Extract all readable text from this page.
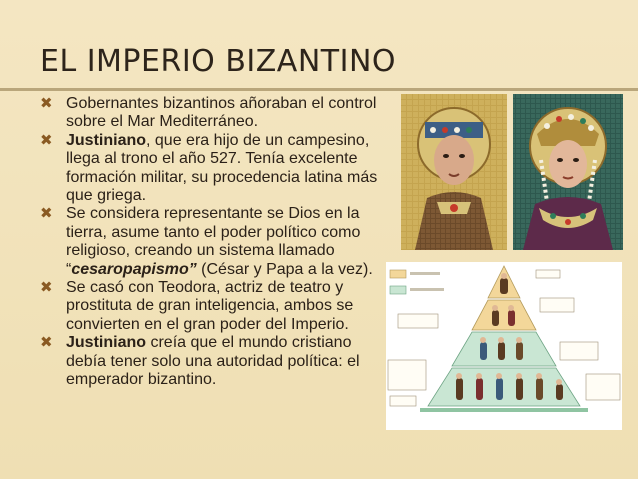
EL IMPERIO BIZANTINO
✖ Gobernantes bizantinos añoraban el control sobre el Mar Mediterráneo.
✖ Justiniano, que era hijo de un campesino, llega al trono el año 527. Tenía excelente formación militar, su procedencia latina más que griega.
✖ Se considera representante se Dios en la tierra, asume tanto el poder político como religioso, creando un sistema llamado “cesaropapismo” (César y Papa a la vez).
✖ Se casó con Teodora, actriz de teatro y prostituta de gran inteligencia, ambos se convierten en el gran poder del Imperio.
✖ Justiniano creía que el mundo cristiano debía tener solo una autoridad política: el emperador bizantino.
